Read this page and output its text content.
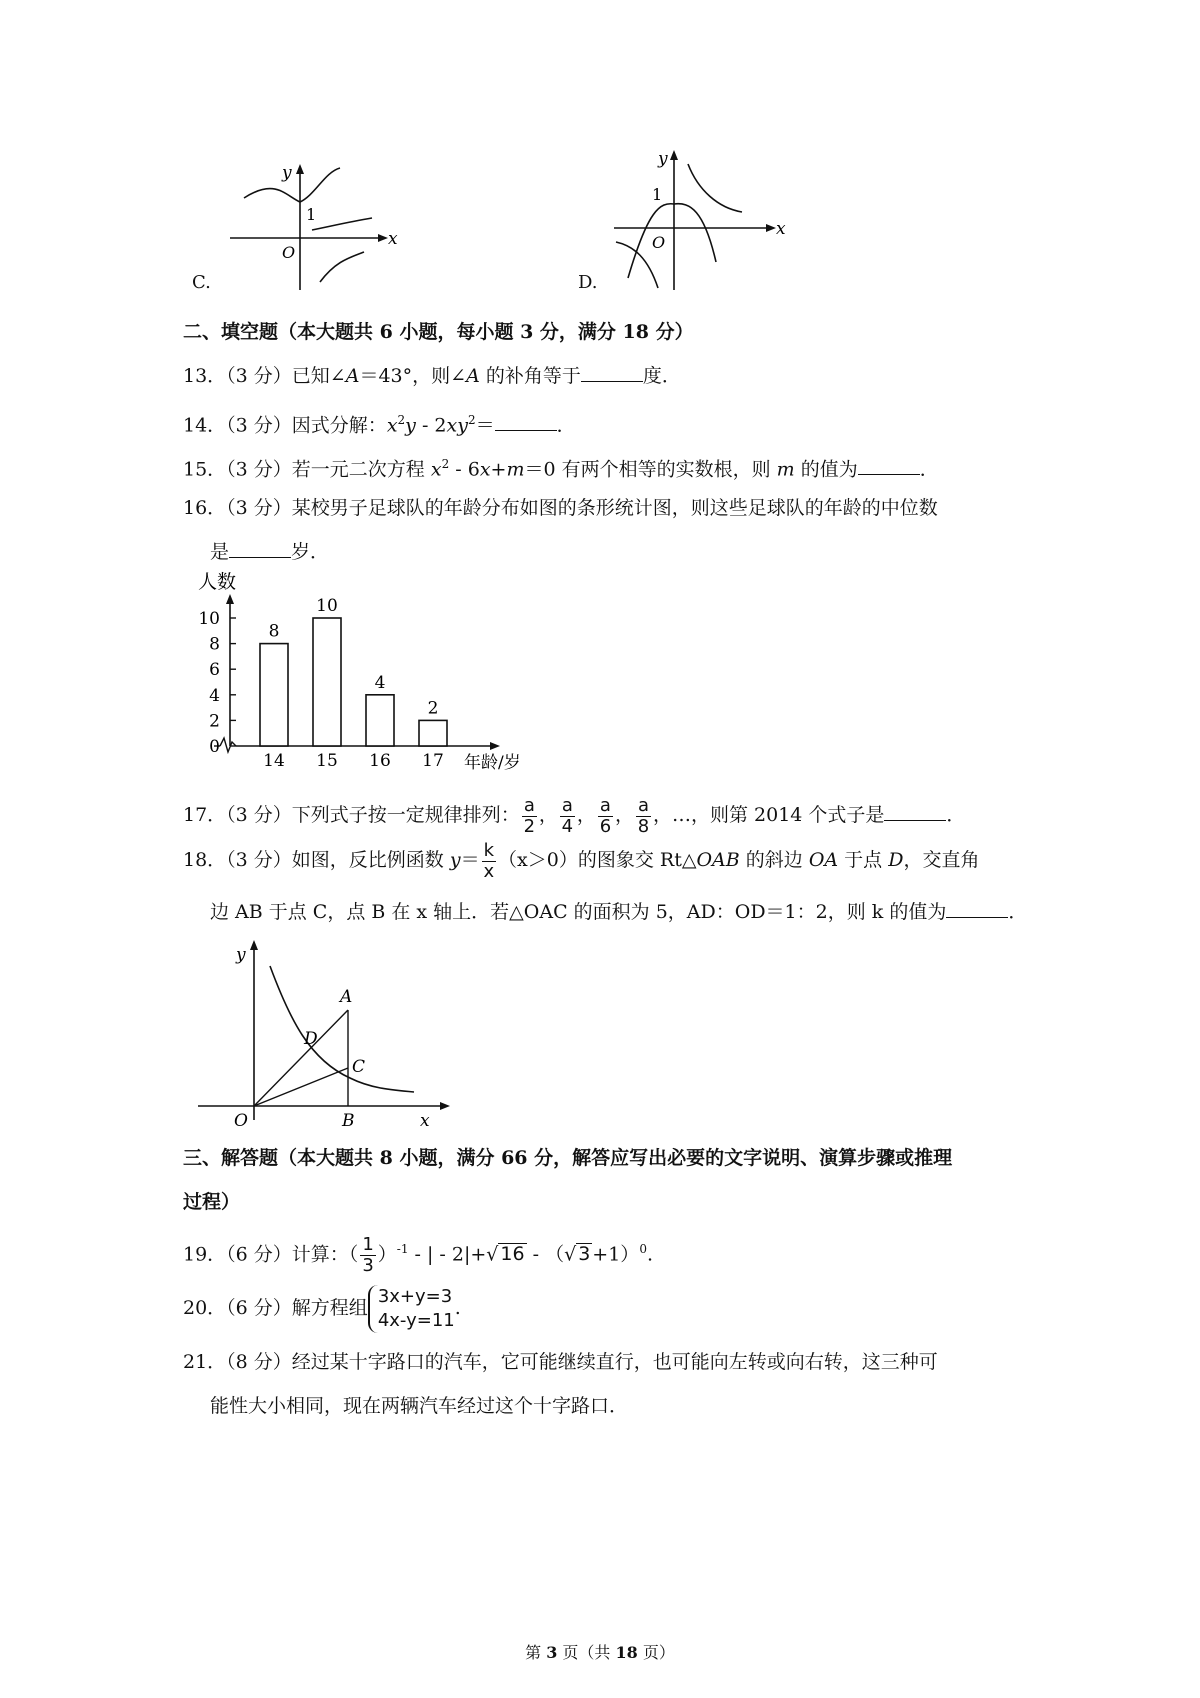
1
O
x
y
C.
1
O
x
y
D.
二、填空题（本大题共 6 小题，每小题 3 分，满分 18 分）
13．（3 分）已知∠A＝43°，则∠A 的补角等于	度．
14．（3 分）因式分解：$x^2y - 2xy^2=$	．
15．（3 分）若一元二次方程 $x^2 - 6x+m=0$ 有两个相等的实数根，则 m 的值为	．
16．（3 分）某校男子足球队的年龄分布如图的条形统计图，则这些足球队的年龄的中位数
是	岁．
人数
年龄/岁
0
2
4
6
8
10
8
14
10
15
4
16
2
17
17．（3 分）下列式子按一定规律排列： $\frac{a}{2}$ ， $\frac{a}{4}$ ， $\frac{a}{6}$ ， $\frac{a}{8}$ ，…，则第 2014 个式子是	．
18．（3 分）如图，反比例函数 $y= \frac{k}{x} (x>0)$的图象交 Rt△OAB 的斜边 OA 于点 D，交直角
边 AB 于点 C，点 B 在 x 轴上．若△OAC 的面积为 5，AD：OD＝1：2，则 k 的值为	．
A
D
C
B
O	x
y
三、解答题（本大题共 8 小题，满分 66 分，解答应写出必要的文字说明、演算步骤或推理
过程）
19．（6 分）计算：（ $\frac{1}{3} )^{-1}$ - | - 2|+√ 16 - （√ 3 +1）$^0$.
20．（6 分）解方程组
3x+y=3
4x-y=11
.
21．（8 分）经过某十字路口的汽车，它可能继续直行，也可能向左转或向右转，这三种可
能性大小相同，现在两辆汽车经过这个十字路口．
第 3 页（共 18 页）
